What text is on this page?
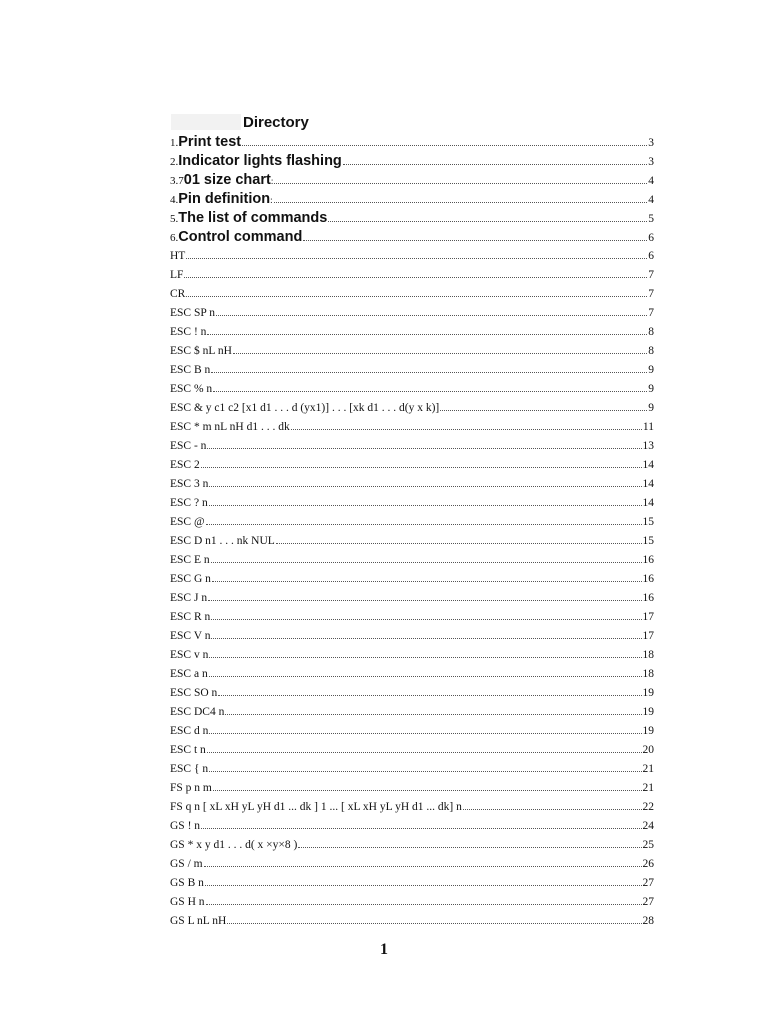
Directory
1. Print test	3
2. Indicator lights flashing	3
3.7 01 size chart :	4
4. Pin definition :	4
5. The list of commands	5
6. Control command	6
HT	6
LF	7
CR	7
ESC SP n	7
ESC ! n	8
ESC $ nL nH	8
ESC B n	9
ESC % n	9
ESC & y c1 c2 [x1 d1 . . . d (yx1)] . . . [xk d1 . . . d(y x k)]	9
ESC * m nL nH d1 . . . dk	11
ESC - n	13
ESC 2	14
ESC 3 n	14
ESC ? n	14
ESC @	15
ESC D n1 . . . nk NUL	15
ESC E n	16
ESC G n	16
ESC J n	16
ESC R n	17
ESC V n	17
ESC v n	18
ESC a n	18
ESC SO n	19
ESC DC4 n	19
ESC d n	19
ESC t n	20
ESC { n	21
FS p n m	21
FS q n [ xL xH yL yH d1 ... dk ] 1 ... [ xL xH yL yH d1 ... dk] n	22
GS ! n	24
GS * x y d1 . . . d( x ×y×8 )	25
GS / m	26
GS B n	27
GS H n	27
GS L nL nH	28
1
